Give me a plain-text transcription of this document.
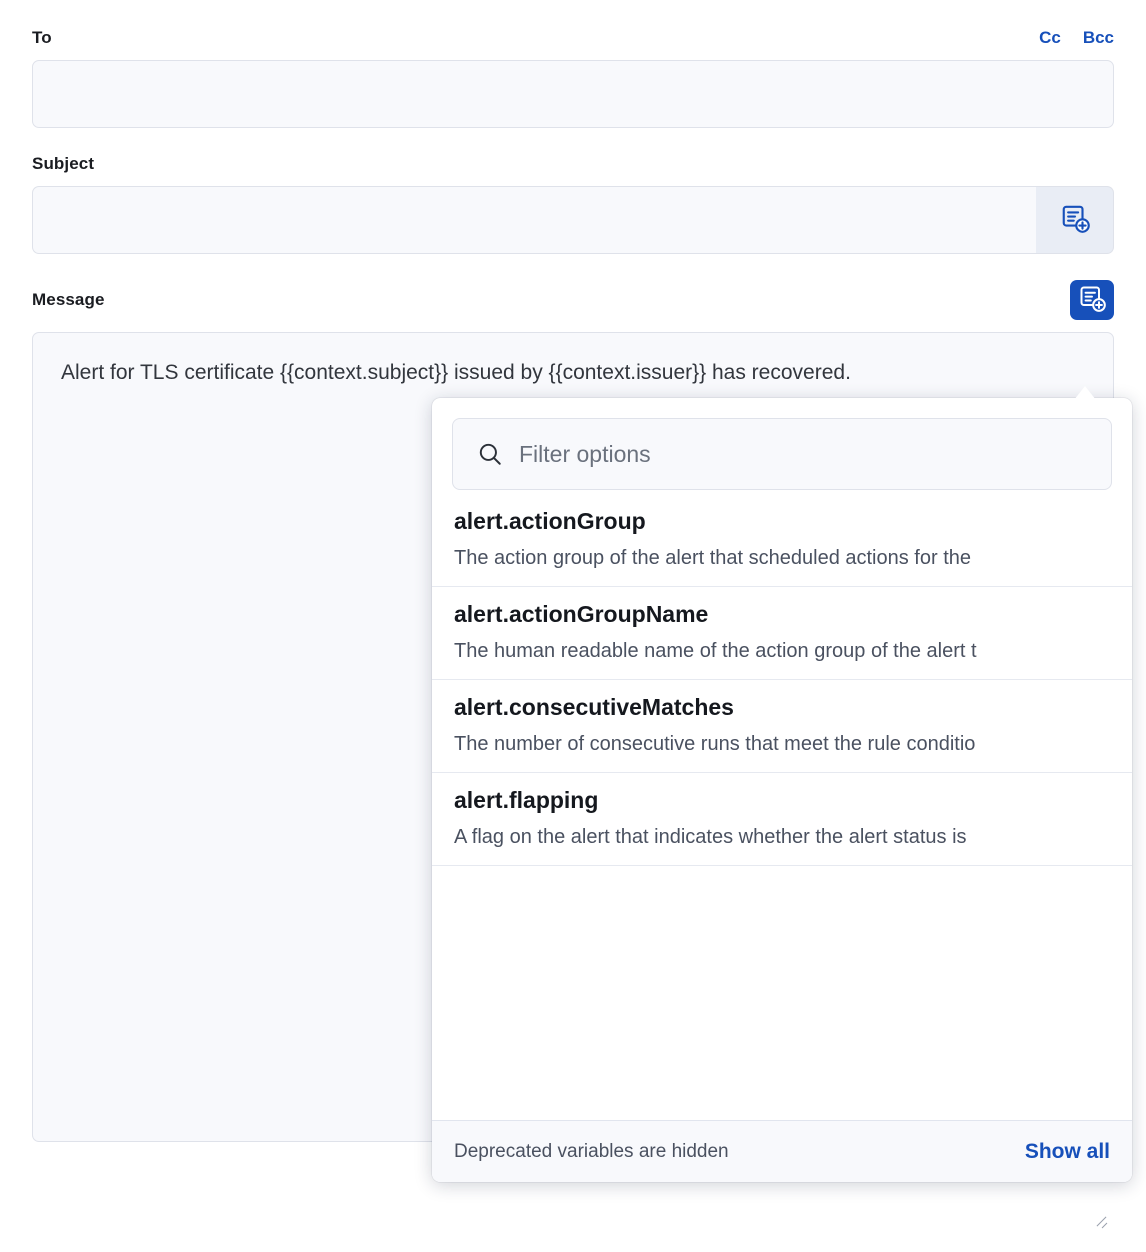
To	Cc Bcc
Subject
Message
Alert for TLS certificate {{context.subject}} issued by {{context.issuer}} has recovered.
Filter options
alert.actionGroup
The action group of the alert that scheduled actions for the
alert.actionGroupName
The human readable name of the action group of the alert t
alert.consecutiveMatches
The number of consecutive runs that meet the rule conditio
alert.flapping
A flag on the alert that indicates whether the alert status is
Deprecated variables are hidden	Show all
